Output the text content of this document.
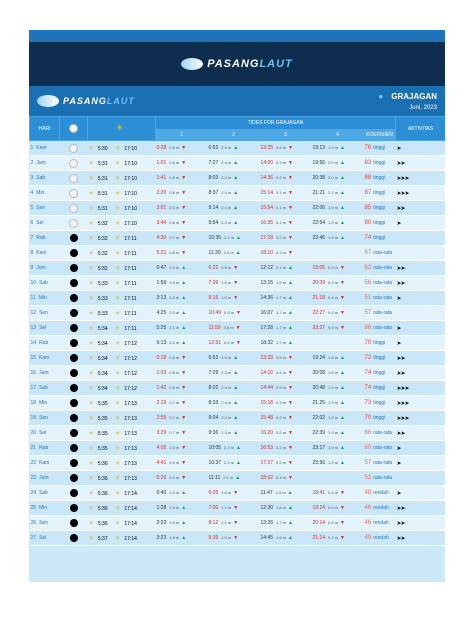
PASANGLAUT
PASANGLAUT	● GRAJAGAN
Juni, 2023
HARI		☀	TIDES FOR GRAJAGAN					AKTIVITAS
			1	2	3	4	KOEFISIEN	
1 Kam		☀ 5:30 ☀ 17:10	0:28 0.6 m ▼	6:53 2.3 m ▲	13:25 0.5 m ▼	19:13 1.9 m ▲	76 tinggi	➤
2 Jum		☀ 5:31 ☀ 17:10	1:01 0.6 m ▼	7:27 2.4 m ▲	14:00 0.3 m ▼	19:56 2.0 m ▲	83 tinggi	➤➤
3 Sab		☀ 5:31 ☀ 17:10	1:41 0.6 m ▼	8:03 2.4 m ▲	14:36 0.2 m ▼	20:38 2.0 m ▲	88 tinggi	➤➤➤
4 Min		☀ 5:31 ☀ 17:10	2:20 0.6 m ▼	8:37 2.4 m ▲	15:14 0.1 m ▼	21:21 2.1 m ▲	87 tinggi	➤➤➤
5 Sen		☀ 5:31 ☀ 17:10	3:01 0.5 m ▼	9:14 2.4 m ▲	15:54 0.1 m ▼	22:06 1.9 m ▲	85 tinggi	➤➤
6 Sel		☀ 5:32 ☀ 17:10	3:44 0.6 m ▼	9:54 2.3 m ▲	16:35 0.1 m ▼	22:54 1.9 m ▲	80 tinggi	➤
7 Rab		☀ 5:32 ☀ 17:11	4:30 0.7 m ▼	10:35 2.2 m ▲	17:18 0.2 m ▼	23:46 1.9 m ▲	74 tinggi	
8 Kam		☀ 5:32 ☀ 17:11	5:21 0.8 m ▼	11:20 2.0 m ▲	18:10 0.3 m ▼		67 rata-rata	
9 Jum		☀ 5:32 ☀ 17:11	0:47 2.0 m ▲	6:22 0.9 m ▼	12:12 2.1 m ▲	19:05 0.3 m ▼	62 rata-rata	➤➤
10 Sab		☀ 5:33 ☀ 17:11	1:56 1.9 m ▲	7:39 1.0 m ▼	13:15 1.9 m ▲	20:09 0.4 m ▼	56 rata-rata	➤➤
11 Min		☀ 5:33 ☀ 17:11	3:13 2.0 m ▲	9:16 1.0 m ▼	14:36 1.7 m ▲	21:18 0.4 m ▼	51 rata-rata	➤
12 Sen		☀ 5:33 ☀ 17:11	4:25 2.0 m ▲	10:49 0.9 m ▼	16:07 1.7 m ▲	22:27 0.4 m ▼	57 rata-rata	
13 Sel		☀ 5:34 ☀ 17:11	5:25 2.1 m ▲	11:59 0.6 m ▼	17:28 1.7 m ▲	23:27 0.5 m ▼	66 rata-rata	➤
14 Rab		☀ 5:34 ☀ 17:12	6:13 2.2 m ▲	12:51 0.6 m ▼	18:32 1.7 m ▲		70 tinggi	➤
15 Kam		☀ 5:34 ☀ 17:12	0:18 0.6 m ▼	6:53 2.3 m ▲	13:33 0.5 m ▼	19:24 1.8 m ▲	72 tinggi	➤➤
16 Jum		☀ 5:34 ☀ 17:12	1:03 0.6 m ▼	7:29 2.3 m ▲	14:10 0.4 m ▼	20:08 1.8 m ▲	74 tinggi	➤➤
17 Sab		☀ 5:34 ☀ 17:12	1:42 0.6 m ▼	8:02 2.4 m ▲	14:44 0.3 m ▼	20:48 1.9 m ▲	74 tinggi	➤➤➤
18 Min		☀ 5:35 ☀ 17:13	2:19 0.7 m ▼	8:33 2.4 m ▲	15:18 0.3 m ▼	21:25 1.9 m ▲	73 tinggi	➤➤➤
19 Sen		☀ 5:35 ☀ 17:13	2:55 0.7 m ▼	9:04 2.4 m ▲	15:48 0.2 m ▼	22:02 1.9 m ▲	70 tinggi	➤➤➤
20 Sel		☀ 5:35 ☀ 17:13	3:29 0.7 m ▼	9:36 2.3 m ▲	16:20 0.2 m ▼	22:39 1.9 m ▲	66 rata-rata	➤➤
21 Rab		☀ 5:35 ☀ 17:13	4:05 0.8 m ▼	10:05 2.3 m ▲	16:53 0.2 m ▼	23:17 1.9 m ▲	60 rata-rata	➤
22 Kam		☀ 5:36 ☀ 17:13	4:41 0.9 m ▼	10:37 2.2 m ▲	17:27 0.2 m ▼	23:56 1.9 m ▲	57 rata-rata	➤
23 Jum		☀ 5:36 ☀ 17:13	5:20 0.9 m ▼	11:11 2.1 m ▲	18:02 0.4 m ▼		52 rata-rata	
24 Sab		☀ 5:36 ☀ 17:14	0:40 1.9 m ▲	6:05 1.0 m ▼	11:47 2.0 m ▲	18:41 0.4 m ▼	48 rendah	➤
25 Min		☀ 5:36 ☀ 17:14	1:28 1.9 m ▲	7:00 1.1 m ▼	12:30 1.8 m ▲	19:24 0.5 m ▼	46 rendah	➤➤
26 Sen		☀ 5:36 ☀ 17:14	2:23 1.9 m ▲	8:12 1.1 m ▼	13:26 1.7 m ▲	20:14 0.6 m ▼	46 rendah	➤➤
27 Sel		☀ 5:37 ☀ 17:14	3:23 1.9 m ▲	9:39 1.0 m ▼	14:45 1.6 m ▲	21:14 0.7 m ▼	49 rendah	➤➤
